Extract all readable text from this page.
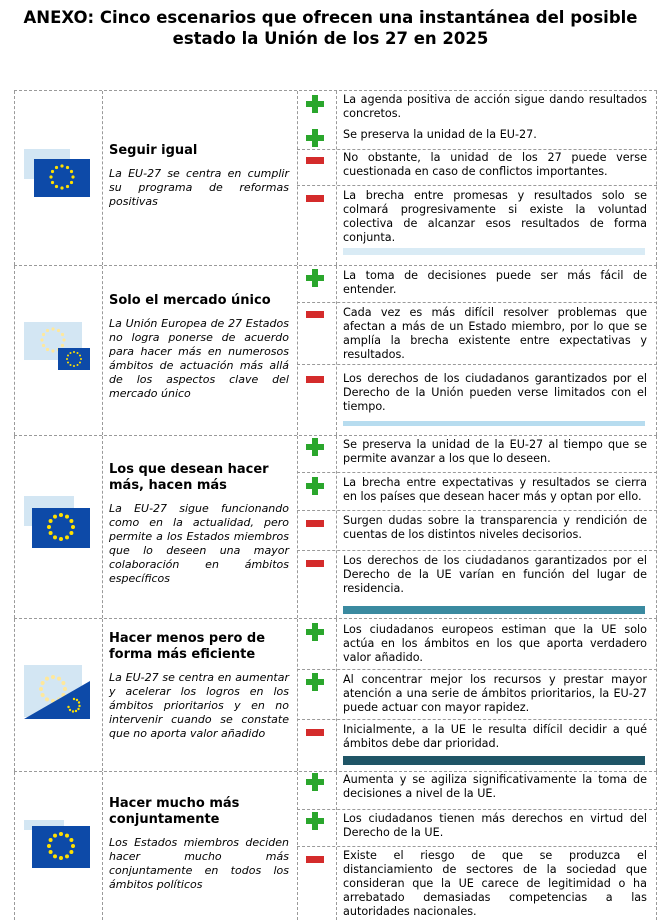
ANEXO: Cinco escenarios que ofrecen una instantánea del posible estado la Unión de los 27 en 2025
Seguir igual
La EU-27 se centra en cumplir su programa de reformas positivas
La agenda positiva de acción sigue dando resultados concretos.
Se preserva la unidad de la EU-27.
No obstante, la unidad de los 27 puede verse cuestionada en caso de conflictos importantes.
La brecha entre promesas y resultados solo se colmará progresivamente si existe la voluntad colectiva de alcanzar esos resultados de forma conjunta.
Solo el mercado único
La Unión Europea de 27 Estados no logra ponerse de acuerdo para hacer más en numerosos ámbitos de actuación más allá de los aspectos clave del mercado único
La toma de decisiones puede ser más fácil de entender.
Cada vez es más difícil resolver problemas que afectan a más de un Estado miembro, por lo que se amplía la brecha existente entre expectativas y resultados.
Los derechos de los ciudadanos garantizados por el Derecho de la Unión pueden verse limitados con el tiempo.
Los que desean hacer más, hacen más
La EU-27 sigue funcionando como en la actualidad, pero permite a los Estados miembros que lo deseen una mayor colaboración en ámbitos específicos
Se preserva la unidad de la EU-27 al tiempo que se permite avanzar a los que lo deseen.
La brecha entre expectativas y resultados se cierra en los países que desean hacer más y optan por ello.
Surgen dudas sobre la transparencia y rendición de cuentas de los distintos niveles decisorios.
Los derechos de los ciudadanos garantizados por el Derecho de la UE varían en función del lugar de residencia.
Hacer menos pero de forma más eficiente
La EU-27 se centra en aumentar y acelerar los logros en los ámbitos prioritarios y en no intervenir cuando se constate que no aporta valor añadido
Los ciudadanos europeos estiman que la UE solo actúa en los ámbitos en los que aporta verdadero valor añadido.
Al concentrar mejor los recursos y prestar mayor atención a una serie de ámbitos prioritarios, la EU-27 puede actuar con mayor rapidez.
Inicialmente, a la UE le resulta difícil decidir a qué ámbitos debe dar prioridad.
Hacer mucho más conjuntamente
Los Estados miembros deciden hacer mucho más conjuntamente en todos los ámbitos políticos
Aumenta y se agiliza significativamente la toma de decisiones a nivel de la UE.
Los ciudadanos tienen más derechos en virtud del Derecho de la UE.
Existe el riesgo de que se produzca el distanciamiento de sectores de la sociedad que consideran que la UE carece de legitimidad o ha arrebatado demasiadas competencias a las autoridades nacionales.
